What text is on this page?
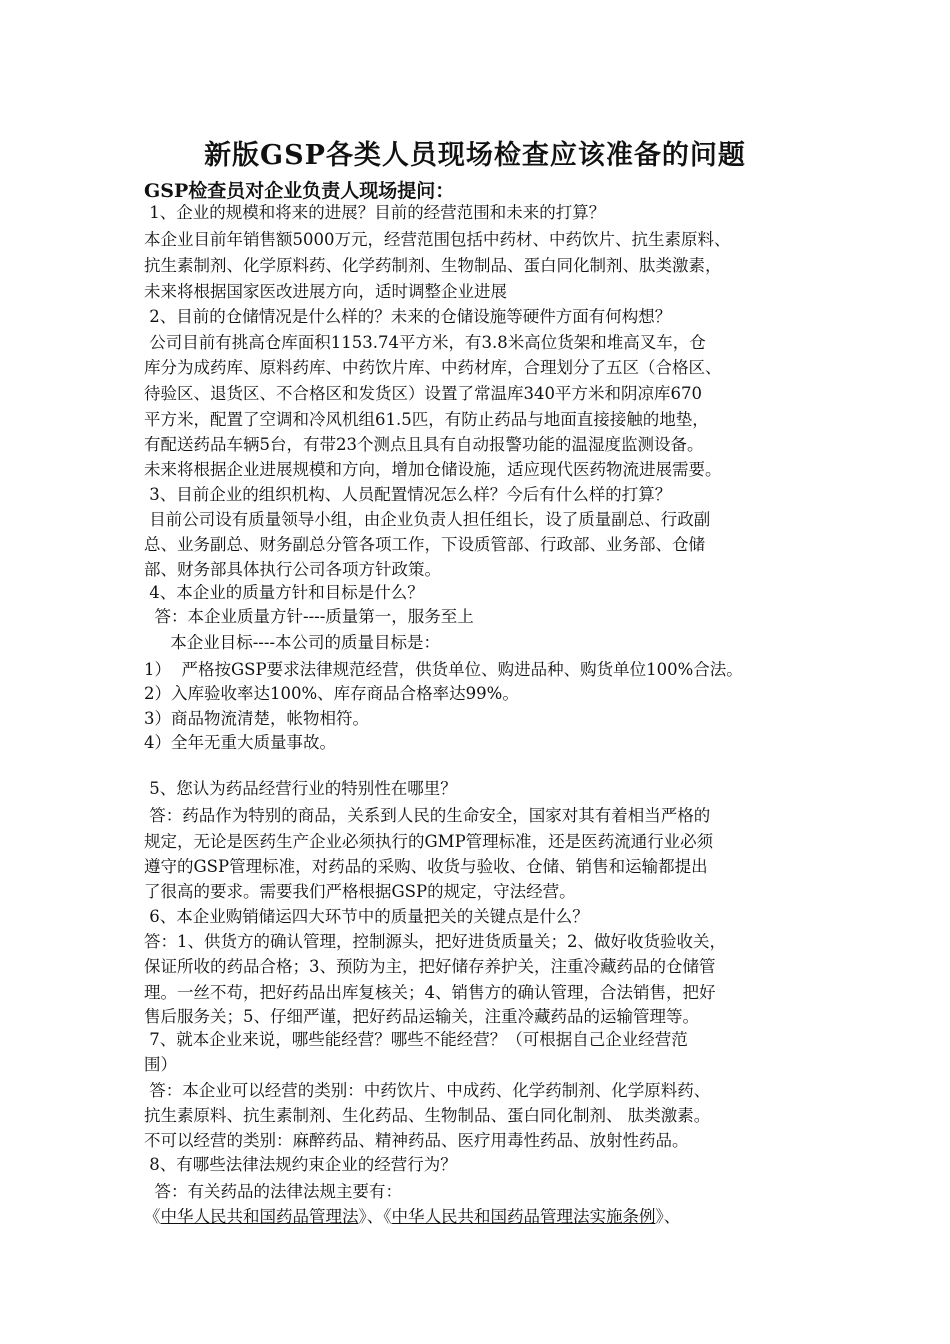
新版GSP各类人员现场检查应该准备的问题
GSP检查员对企业负责人现场提问：
1、企业的规模和将来的进展？目前的经营范围和未来的打算？
本企业目前年销售额5000万元，经营范围包括中药材、中药饮片、抗生素原料、
抗生素制剂、化学原料药、化学药制剂、生物制品、蛋白同化制剂、肽类激素，
未来将根据国家医改进展方向，适时调整企业进展
2、目前的仓储情况是什么样的？未来的仓储设施等硬件方面有何构想？
公司目前有挑高仓库面积1153.74平方米，有3.8米高位货架和堆高叉车，仓
库分为成药库、原料药库、中药饮片库、中药材库，合理划分了五区（合格区、
待验区、退货区、不合格区和发货区）设置了常温库340平方米和阴凉库670
平方米，配置了空调和冷风机组61.5匹，有防止药品与地面直接接触的地垫，
有配送药品车辆5台，有带23个测点且具有自动报警功能的温湿度监测设备。
未来将根据企业进展规模和方向，增加仓储设施，适应现代医药物流进展需要。
3、目前企业的组织机构、人员配置情况怎么样？今后有什么样的打算？
目前公司设有质量领导小组，由企业负责人担任组长，设了质量副总、行政副
总、业务副总、财务副总分管各项工作，下设质管部、行政部、业务部、仓储
部、财务部具体执行公司各项方针政策。
4、本企业的质量方针和目标是什么？
答：本企业质量方针----质量第一，服务至上
本企业目标----本公司的质量目标是：
1）  严格按GSP要求法律规范经营，供货单位、购进品种、购货单位100%合法。
2）入库验收率达100%、库存商品合格率达99%。
3）商品物流清楚，帐物相符。
4）全年无重大质量事故。
5、您认为药品经营行业的特别性在哪里？
答：药品作为特别的商品，关系到人民的生命安全，国家对其有着相当严格的
规定，无论是医药生产企业必须执行的GMP管理标准，还是医药流通行业必须
遵守的GSP管理标准，对药品的采购、收货与验收、仓储、销售和运输都提出
了很高的要求。需要我们严格根据GSP的规定，守法经营。
6、本企业购销储运四大环节中的质量把关的关键点是什么？
答：1、供货方的确认管理，控制源头，把好进货质量关；2、做好收货验收关，
保证所收的药品合格；3、预防为主，把好储存养护关，注重冷藏药品的仓储管
理。一丝不苟，把好药品出库复核关；4、销售方的确认管理，合法销售，把好
售后服务关；5、仔细严谨，把好药品运输关，注重冷藏药品的运输管理等。
7、就本企业来说，哪些能经营？哪些不能经营？（可根据自己企业经营范
围）
答：本企业可以经营的类别：中药饮片、中成药、化学药制剂、化学原料药、
抗生素原料、抗生素制剂、生化药品、生物制品、蛋白同化制剂、 肽类激素。
不可以经营的类别：麻醉药品、精神药品、医疗用毒性药品、放射性药品。
8、有哪些法律法规约束企业的经营行为？
答：有关药品的法律法规主要有：
《中华人民共和国药品管理法》、《中华人民共和国药品管理法实施条例》、
